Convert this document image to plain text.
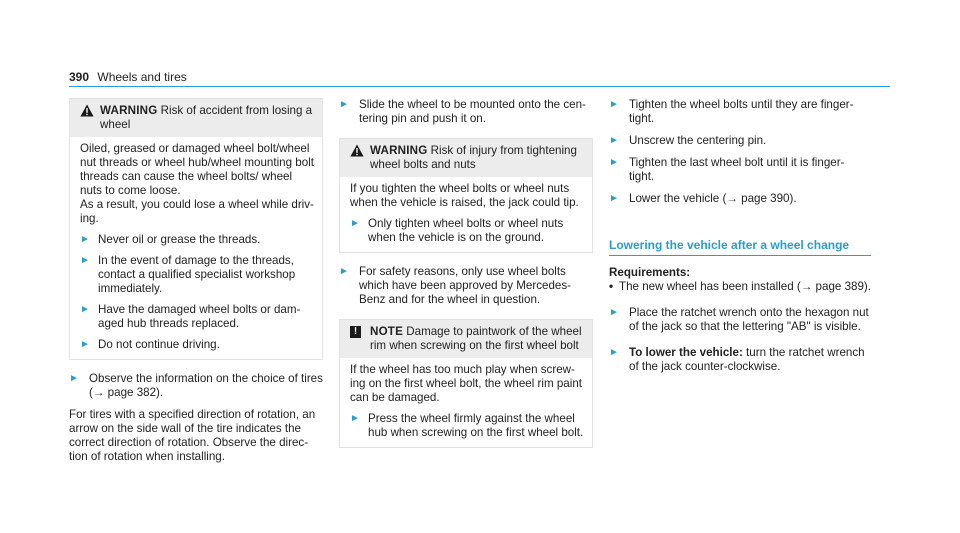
390 Wheels and tires
WARNING Risk of accident from losing a wheel

Oiled, greased or damaged wheel bolt/wheel nut threads or wheel hub/wheel mounting bolt threads can cause the wheel bolts/ wheel nuts to come loose.

As a result, you could lose a wheel while driv- ing.

► Never oil or grease the threads.
► In the event of damage to the threads, contact a qualified specialist workshop immediately.
► Have the damaged wheel bolts or dam- aged hub threads replaced.
► Do not continue driving.
► Observe the information on the choice of tires (→ page 382).

For tires with a specified direction of rotation, an arrow on the side wall of the tire indicates the correct direction of rotation. Observe the direc- tion of rotation when installing.

► Slide the wheel to be mounted onto the cen- tering pin and push it on.
WARNING Risk of injury from tightening wheel bolts and nuts

If you tighten the wheel bolts or wheel nuts when the vehicle is raised, the jack could tip.

► Only tighten wheel bolts or wheel nuts when the vehicle is on the ground.
► For safety reasons, only use wheel bolts which have been approved by Mercedes- Benz and for the wheel in question.
!	NOTE Damage to paintwork of the wheel rim when screwing on the first wheel bolt

If the wheel has too much play when screw- ing on the first wheel bolt, the wheel rim paint can be damaged.

► Press the wheel firmly against the wheel hub when screwing on the first wheel bolt.
► Tighten the wheel bolts until they are finger- tight.
► Unscrew the centering pin.
► Tighten the last wheel bolt until it is finger- tight.
► Lower the vehicle (→ page 390).
Lowering the vehicle after a wheel change
Requirements:
• The new wheel has been installed (→ page 389).
► Place the ratchet wrench onto the hexagon nut of the jack so that the lettering "AB" is visible.
► To lower the vehicle: turn the ratchet wrench of the jack counter-clockwise.
